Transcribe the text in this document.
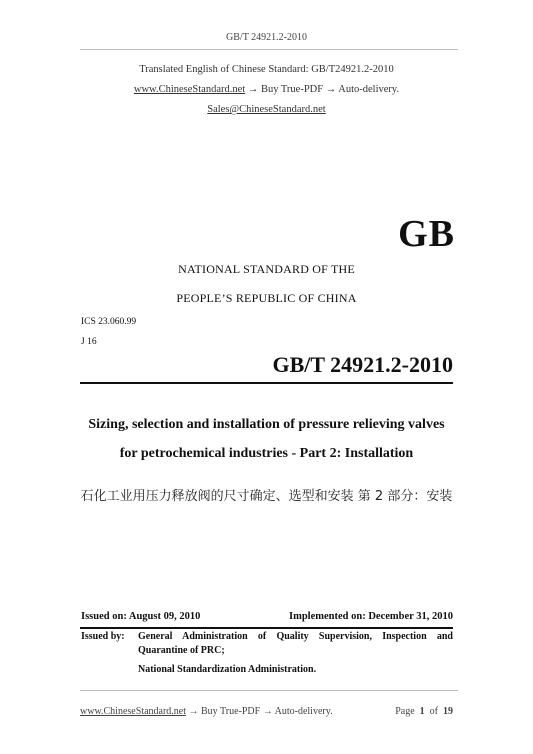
GB/T 24921.2-2010
Translated English of Chinese Standard: GB/T24921.2-2010
www.ChineseStandard.net → Buy True-PDF → Auto-delivery.
Sales@ChineseStandard.net
GB
NATIONAL STANDARD OF THE
PEOPLE’S REPUBLIC OF CHINA
ICS 23.060.99
J 16
GB/T 24921.2-2010
Sizing, selection and installation of pressure relieving valves
for petrochemical industries - Part 2: Installation
石化工业用压力释放阀的尺寸确定、选型和安装 第 2 部分：安装
Issued on: August 09, 2010	Implemented on: December 31, 2010
Issued by: General Administration of Quality Supervision, Inspection and
Quarantine of PRC;
National Standardization Administration.
www.ChineseStandard.net → Buy True-PDF → Auto-delivery.	Page 1 of 19
